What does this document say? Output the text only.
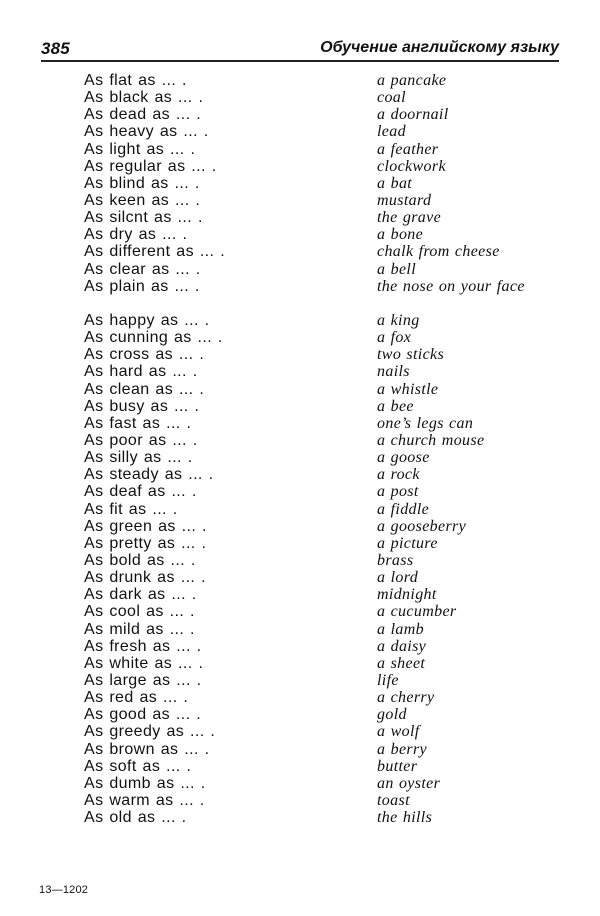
385	Обучение английскому языку
As flat as ... .	a pancake
As black as ... .	coal
As dead as ... .	a doornail
As heavy as ... .	lead
As light as ... .	a feather
As regular as ... .	clockwork
As blind as ... .	a bat
As keen as ... .	mustard
As silcnt as ... .	the grave
As dry as ... .	a bone
As different as ... .	chalk from cheese
As clear as ... .	a bell
As plain as ... .	the nose on your face
As happy as ... .	a king
As cunning as ... .	a fox
As cross as ... .	two sticks
As hard as ... .	nails
As clean as ... .	a whistle
As busy as ... .	a bee
As fast as ... .	one’s legs can
As poor as ... .	a church mouse
As silly as ... .	a goose
As steady as ... .	a rock
As deaf as ... .	a post
As fit as ... .	a fiddle
As green as ... .	a gooseberry
As pretty as ... .	a picture
As bold as ... .	brass
As drunk as ... .	a lord
As dark as ... .	midnight
As cool as ... .	a cucumber
As mild as ... .	a lamb
As fresh as ... .	a daisy
As white as ... .	a sheet
As large as ... .	life
As red as ... .	a cherry
As good as ... .	gold
As greedy as ... .	a wolf
As brown as ... .	a berry
As soft as ... .	butter
As dumb as ... .	an oyster
As warm as ... .	toast
As old as ... .	the hills
13—1202
